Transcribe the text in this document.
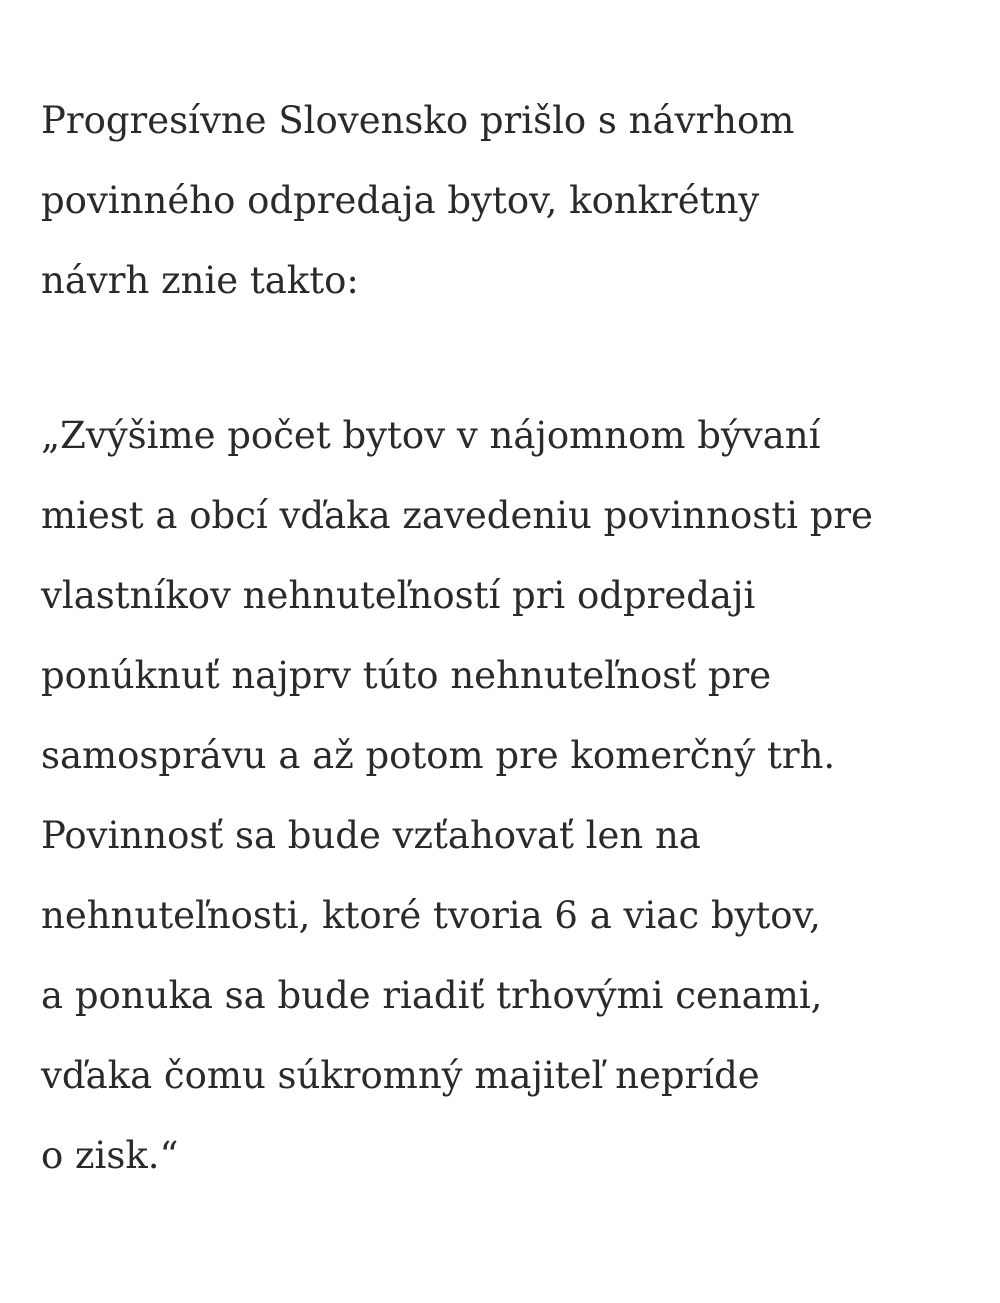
Progresívne Slovensko prišlo s návrhom
povinného odpredaja bytov, konkrétny
návrh znie takto:
„Zvýšime počet bytov v nájomnom bývaní
miest a obcí vďaka zavedeniu povinnosti pre
vlastníkov nehnuteľností pri odpredaji
ponúknuť najprv túto nehnuteľnosť pre
samosprávu a až potom pre komerčný trh.
Povinnosť sa bude vzťahovať len na
nehnuteľnosti, ktoré tvoria 6 a viac bytov,
a ponuka sa bude riadiť trhovými cenami,
vďaka čomu súkromný majiteľ nepríde
o zisk.“
